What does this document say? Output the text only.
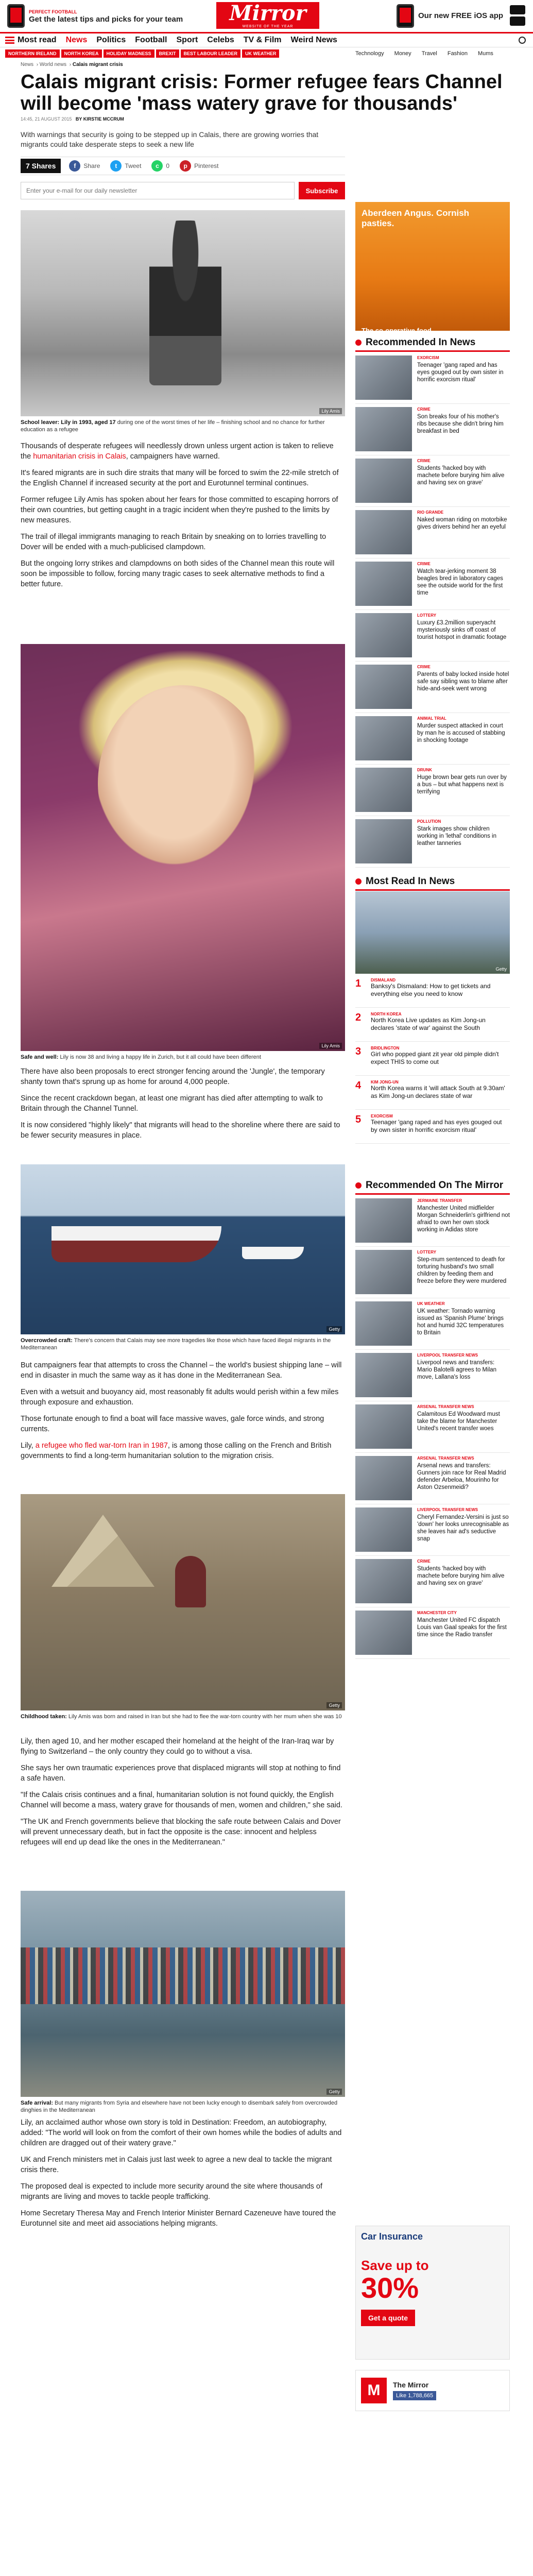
PERFECT FOOTBALL
Get the latest tips and picks for your team	Mirror
WEBSITE OF THE YEAR
Our new FREE iOS app
Most read News Politics Football Sport Celebs TV & Film Weird News
NORTHERN IRELAND	NORTH KOREA	HOLIDAY MADNESS	BREXIT	BEST LABOUR LEADER	UK WEATHER	Technology Money Travel Fashion Mums
News › World news › Calais migrant crisis
Calais migrant crisis: Former refugee fears Channel will become 'mass watery grave for thousands'
14:45, 21 AUGUST 2015 BY KIRSTIE MCCRUM
With warnings that security is going to be stepped up in Calais, there are growing worries that migrants could take desperate steps to seek a new life
7 Shares	f	Share	t	Tweet	c	0	p	Pinterest
Enter your e-mail for our daily newsletter
Subscribe
Lily Amis
School leaver: Lily in 1993, aged 17 during one of the worst times of her life – finishing school and no chance for further education as a refugee

Thousands of desperate refugees will needlessly drown unless urgent action is taken to relieve the humanitarian crisis in Calais, campaigners have warned.

It's feared migrants are in such dire straits that many will be forced to swim the 22-mile stretch of the English Channel if increased security at the port and Eurotunnel terminal continues.

Former refugee Lily Amis has spoken about her fears for those committed to escaping horrors of their own countries, but getting caught in a tragic incident when they're pushed to the limits by new measures.

The trail of illegal immigrants managing to reach Britain by sneaking on to lorries travelling to Dover will be ended with a much-publicised clampdown.

But the ongoing lorry strikes and clampdowns on both sides of the Channel mean this route will soon be impossible to follow, forcing many tragic cases to seek alternative methods to find a better future.

Lily Amis
Safe and well: Lily is now 38 and living a happy life in Zurich, but it all could have been different

There have also been proposals to erect stronger fencing around the 'Jungle', the temporary shanty town that's sprung up as home for around 4,000 people.

Since the recent crackdown began, at least one migrant has died after attempting to walk to Britain through the Channel Tunnel.

It is now considered "highly likely" that migrants will head to the shoreline where there are said to be fewer security measures in place.

Getty
Overcrowded craft: There's concern that Calais may see more tragedies like those which have faced illegal migrants in the Mediterranean

But campaigners fear that attempts to cross the Channel – the world's busiest shipping lane – will end in disaster in much the same way as it has done in the Mediterranean Sea.

Even with a wetsuit and buoyancy aid, most reasonably fit adults would perish within a few miles through exposure and exhaustion.

Those fortunate enough to find a boat will face massive waves, gale force winds, and strong currents.

Lily, a refugee who fled war-torn Iran in 1987, is among those calling on the French and British governments to find a long-term humanitarian solution to the migration crisis.

Getty
Childhood taken: Lily Amis was born and raised in Iran but she had to flee the war-torn country with her mum when she was 10

Lily, then aged 10, and her mother escaped their homeland at the height of the Iran-Iraq war by flying to Switzerland – the only country they could go to without a visa.

She says her own traumatic experiences prove that displaced migrants will stop at nothing to find a safe haven.

"If the Calais crisis continues and a final, humanitarian solution is not found quickly, the English Channel will become a mass, watery grave for thousands of men, women and children," she said.

"The UK and French governments believe that blocking the safe route between Calais and Dover will prevent unnecessary death, but in fact the opposite is the case: innocent and helpless refugees will end up dead like the ones in the Mediterranean."

Getty
Safe arrival: But many migrants from Syria and elsewhere have not been lucky enough to disembark safely from overcrowded dinghies in the Mediterranean

Lily, an acclaimed author whose own story is told in Destination: Freedom, an autobiography, added: "The world will look on from the comfort of their own homes while the bodies of adults and children are dragged out of their watery grave."

UK and French ministers met in Calais just last week to agree a new deal to tackle the migrant crisis there.

The proposed deal is expected to include more security around the site where thousands of migrants are living and moves to tackle people trafficking.

Home Secretary Theresa May and French Interior Minister Bernard Cazeneuve have toured the Eurotunnel site and meet aid associations helping migrants.

Aberdeen Angus. Cornish pasties.
The co-operative food
Recommended In News
EXORCISM
Teenager 'gang raped and has eyes gouged out by own sister in horrific exorcism ritual'
CRIME
Son breaks four of his mother's ribs because she didn't bring him breakfast in bed
CRIME
Students 'hacked boy with machete before burying him alive and having sex on grave'
RIO GRANDE
Naked woman riding on motorbike gives drivers behind her an eyeful
CRIME
Watch tear-jerking moment 38 beagles bred in laboratory cages see the outside world for the first time
LOTTERY
Luxury £3.2million superyacht mysteriously sinks off coast of tourist hotspot in dramatic footage
CRIME
Parents of baby locked inside hotel safe say sibling was to blame after hide-and-seek went wrong
ANIMAL TRIAL
Murder suspect attacked in court by man he is accused of stabbing in shocking footage
DRUNK
Huge brown bear gets run over by a bus – but what happens next is terrifying
POLLUTION
Stark images show children working in 'lethal' conditions in leather tanneries
Most Read In News
Getty
1	DISMALAND
Banksy's Dismaland: How to get tickets and everything else you need to know
2	NORTH KOREA
North Korea Live updates as Kim Jong-un declares 'state of war' against the South
3	BRIDLINGTON
Girl who popped giant zit year old pimple didn't expect THIS to come out
4	KIM JONG-UN
North Korea warns it 'will attack South at 9.30am' as Kim Jong-un declares state of war
5	EXORCISM
Teenager 'gang raped and has eyes gouged out by own sister in horrific exorcism ritual'
Recommended On The Mirror
JERMAINE TRANSFER
Manchester United midfielder Morgan Schneiderlin's girlfriend not afraid to own her own stock working in Adidas store
LOTTERY
Step-mum sentenced to death for torturing husband's two small children by feeding them and freeze before they were murdered
UK WEATHER
UK weather: Tornado warning issued as 'Spanish Plume' brings hot and humid 32C temperatures to Britain
LIVERPOOL TRANSFER NEWS
Liverpool news and transfers: Mario Balotelli agrees to Milan move, Lallana's loss
ARSENAL TRANSFER NEWS
Calamitous Ed Woodward must take the blame for Manchester United's recent transfer woes
ARSENAL TRANSFER NEWS
Arsenal news and transfers: Gunners join race for Real Madrid defender Arbeloa, Mourinho for Aston Ozsenmeidi?
LIVERPOOL TRANSFER NEWS
Cheryl Fernandez-Versini is just so 'down' her looks unrecognisable as she leaves hair ad's seductive snap
CRIME
Students 'hacked boy with machete before burying him alive and having sex on grave'
MANCHESTER CITY
Manchester United FC dispatch Louis van Gaal speaks for the first time since the Radio transfer
Car Insurance
Save up to
30%
Get a quote
M	The Mirror
Like 1,788,665
